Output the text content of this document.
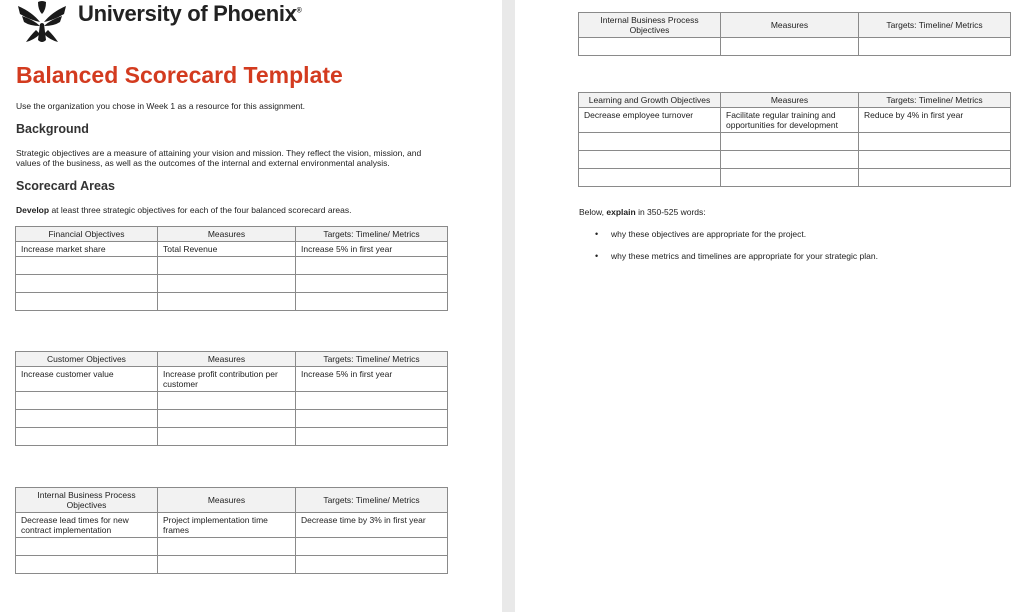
University of Phoenix®
Balanced Scorecard Template

Use the organization you chose in Week 1 as a resource for this assignment.

Background

Strategic objectives are a measure of attaining your vision and mission. They reflect the vision, mission, and values of the business, as well as the outcomes of the internal and external environmental analysis.

Scorecard Areas

Develop at least three strategic objectives for each of the four balanced scorecard areas.

Financial Objectives	Measures	Targets: Timeline/ Metrics
Increase market share	Total Revenue	Increase 5% in first year

Customer Objectives	Measures	Targets: Timeline/ Metrics
Increase customer value	Increase profit contribution per customer	Increase 5% in first year

Internal Business Process Objectives	Measures	Targets: Timeline/ Metrics
Decrease lead times for new contract implementation	Project implementation time frames	Decrease time by 3% in first year

Internal Business Process Objectives	Measures	Targets: Timeline/ Metrics

Learning and Growth Objectives	Measures	Targets: Timeline/ Metrics
Decrease employee turnover	Facilitate regular training and opportunities for development	Reduce by 4% in first year

Below, explain in 350-525 words:

• why these objectives are appropriate for the project.
• why these metrics and timelines are appropriate for your strategic plan.
